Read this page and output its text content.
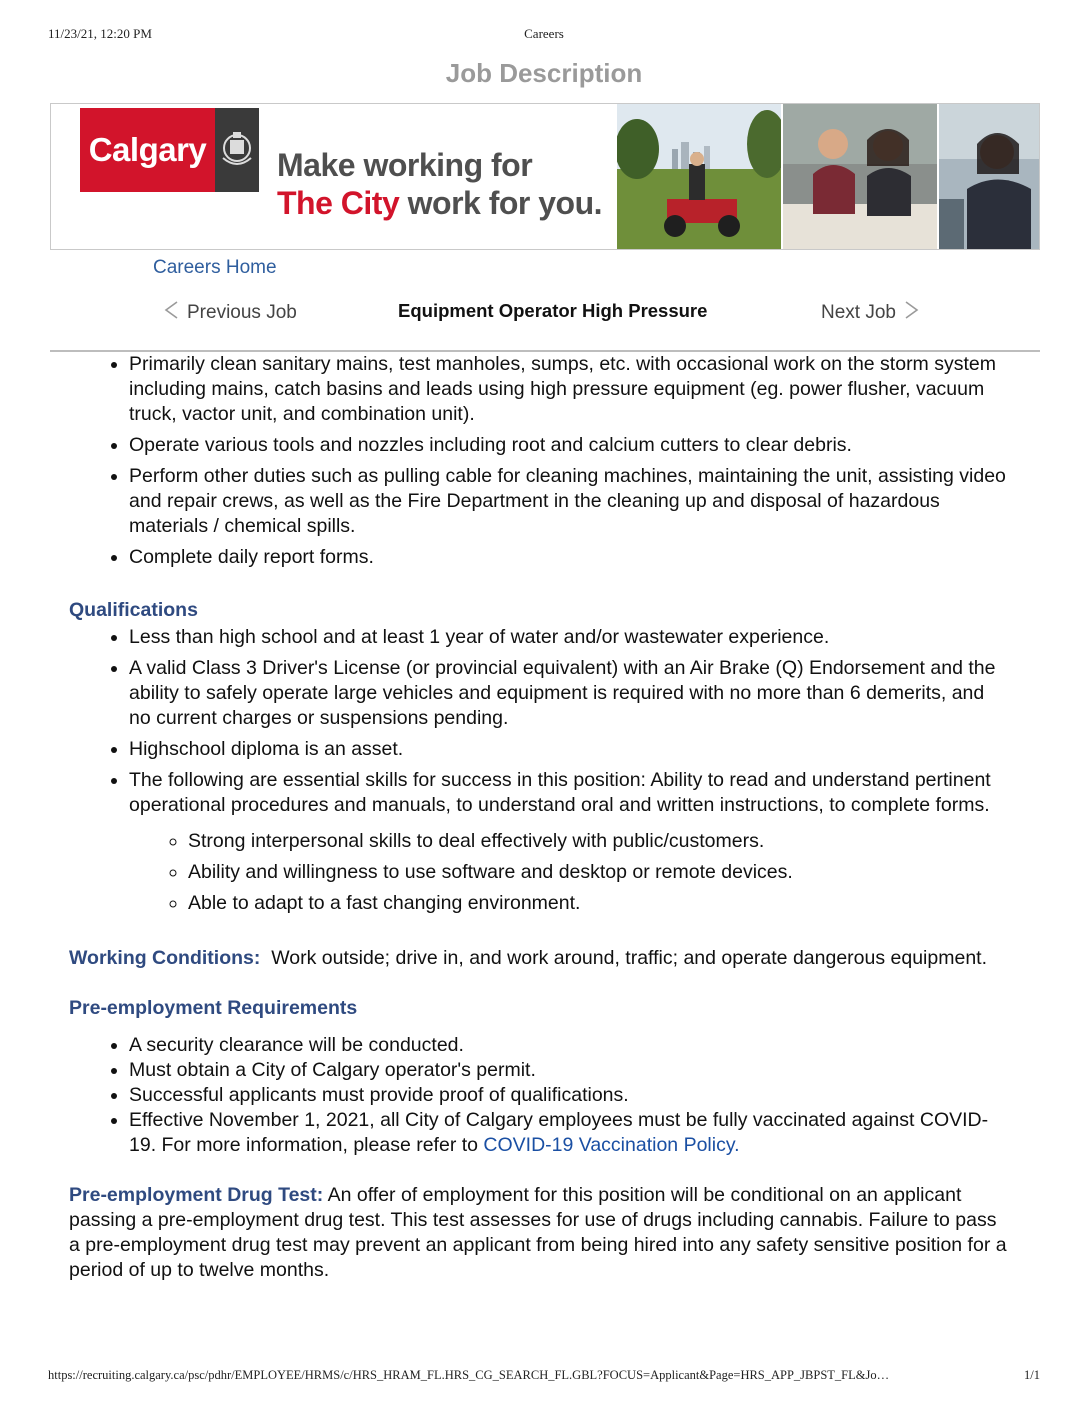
11/23/21, 12:20 PM	Careers
Job Description
Calgary Make working for
The City work for you.
Careers Home
Previous Job	Equipment Operator High Pressure	Next Job
• Primarily clean sanitary mains, test manholes, sumps, etc. with occasional work on the storm system including mains, catch basins and leads using high pressure equipment (eg. power flusher, vacuum truck, vactor unit, and combination unit).
• Operate various tools and nozzles including root and calcium cutters to clear debris.
• Perform other duties such as pulling cable for cleaning machines, maintaining the unit, assisting video and repair crews, as well as the Fire Department in the cleaning up and disposal of hazardous materials / chemical spills.
• Complete daily report forms.
Qualifications
• Less than high school and at least 1 year of water and/or wastewater experience.
• A valid Class 3 Driver's License (or provincial equivalent) with an Air Brake (Q) Endorsement and the ability to safely operate large vehicles and equipment is required with no more than 6 demerits, and no current charges or suspensions pending.
• Highschool diploma is an asset.
• The following are essential skills for success in this position: Ability to read and understand pertinent operational procedures and manuals, to understand oral and written instructions, to complete forms.
◦ Strong interpersonal skills to deal effectively with public/customers.
◦ Ability and willingness to use software and desktop or remote devices.
◦ Able to adapt to a fast changing environment.
Working Conditions: Work outside; drive in, and work around, traffic; and operate dangerous equipment.
Pre-employment Requirements
• A security clearance will be conducted.
• Must obtain a City of Calgary operator's permit.
• Successful applicants must provide proof of qualifications.
• Effective November 1, 2021, all City of Calgary employees must be fully vaccinated against COVID-19. For more information, please refer to COVID-19 Vaccination Policy.
Pre-employment Drug Test: An offer of employment for this position will be conditional on an applicant passing a pre-employment drug test. This test assesses for use of drugs including cannabis. Failure to pass a pre-employment drug test may prevent an applicant from being hired into any safety sensitive position for a period of up to twelve months.
https://recruiting.calgary.ca/psc/pdhr/EMPLOYEE/HRMS/c/HRS_HRAM_FL.HRS_CG_SEARCH_FL.GBL?FOCUS=Applicant&Page=HRS_APP_JBPST_FL&Jo…	1/1
